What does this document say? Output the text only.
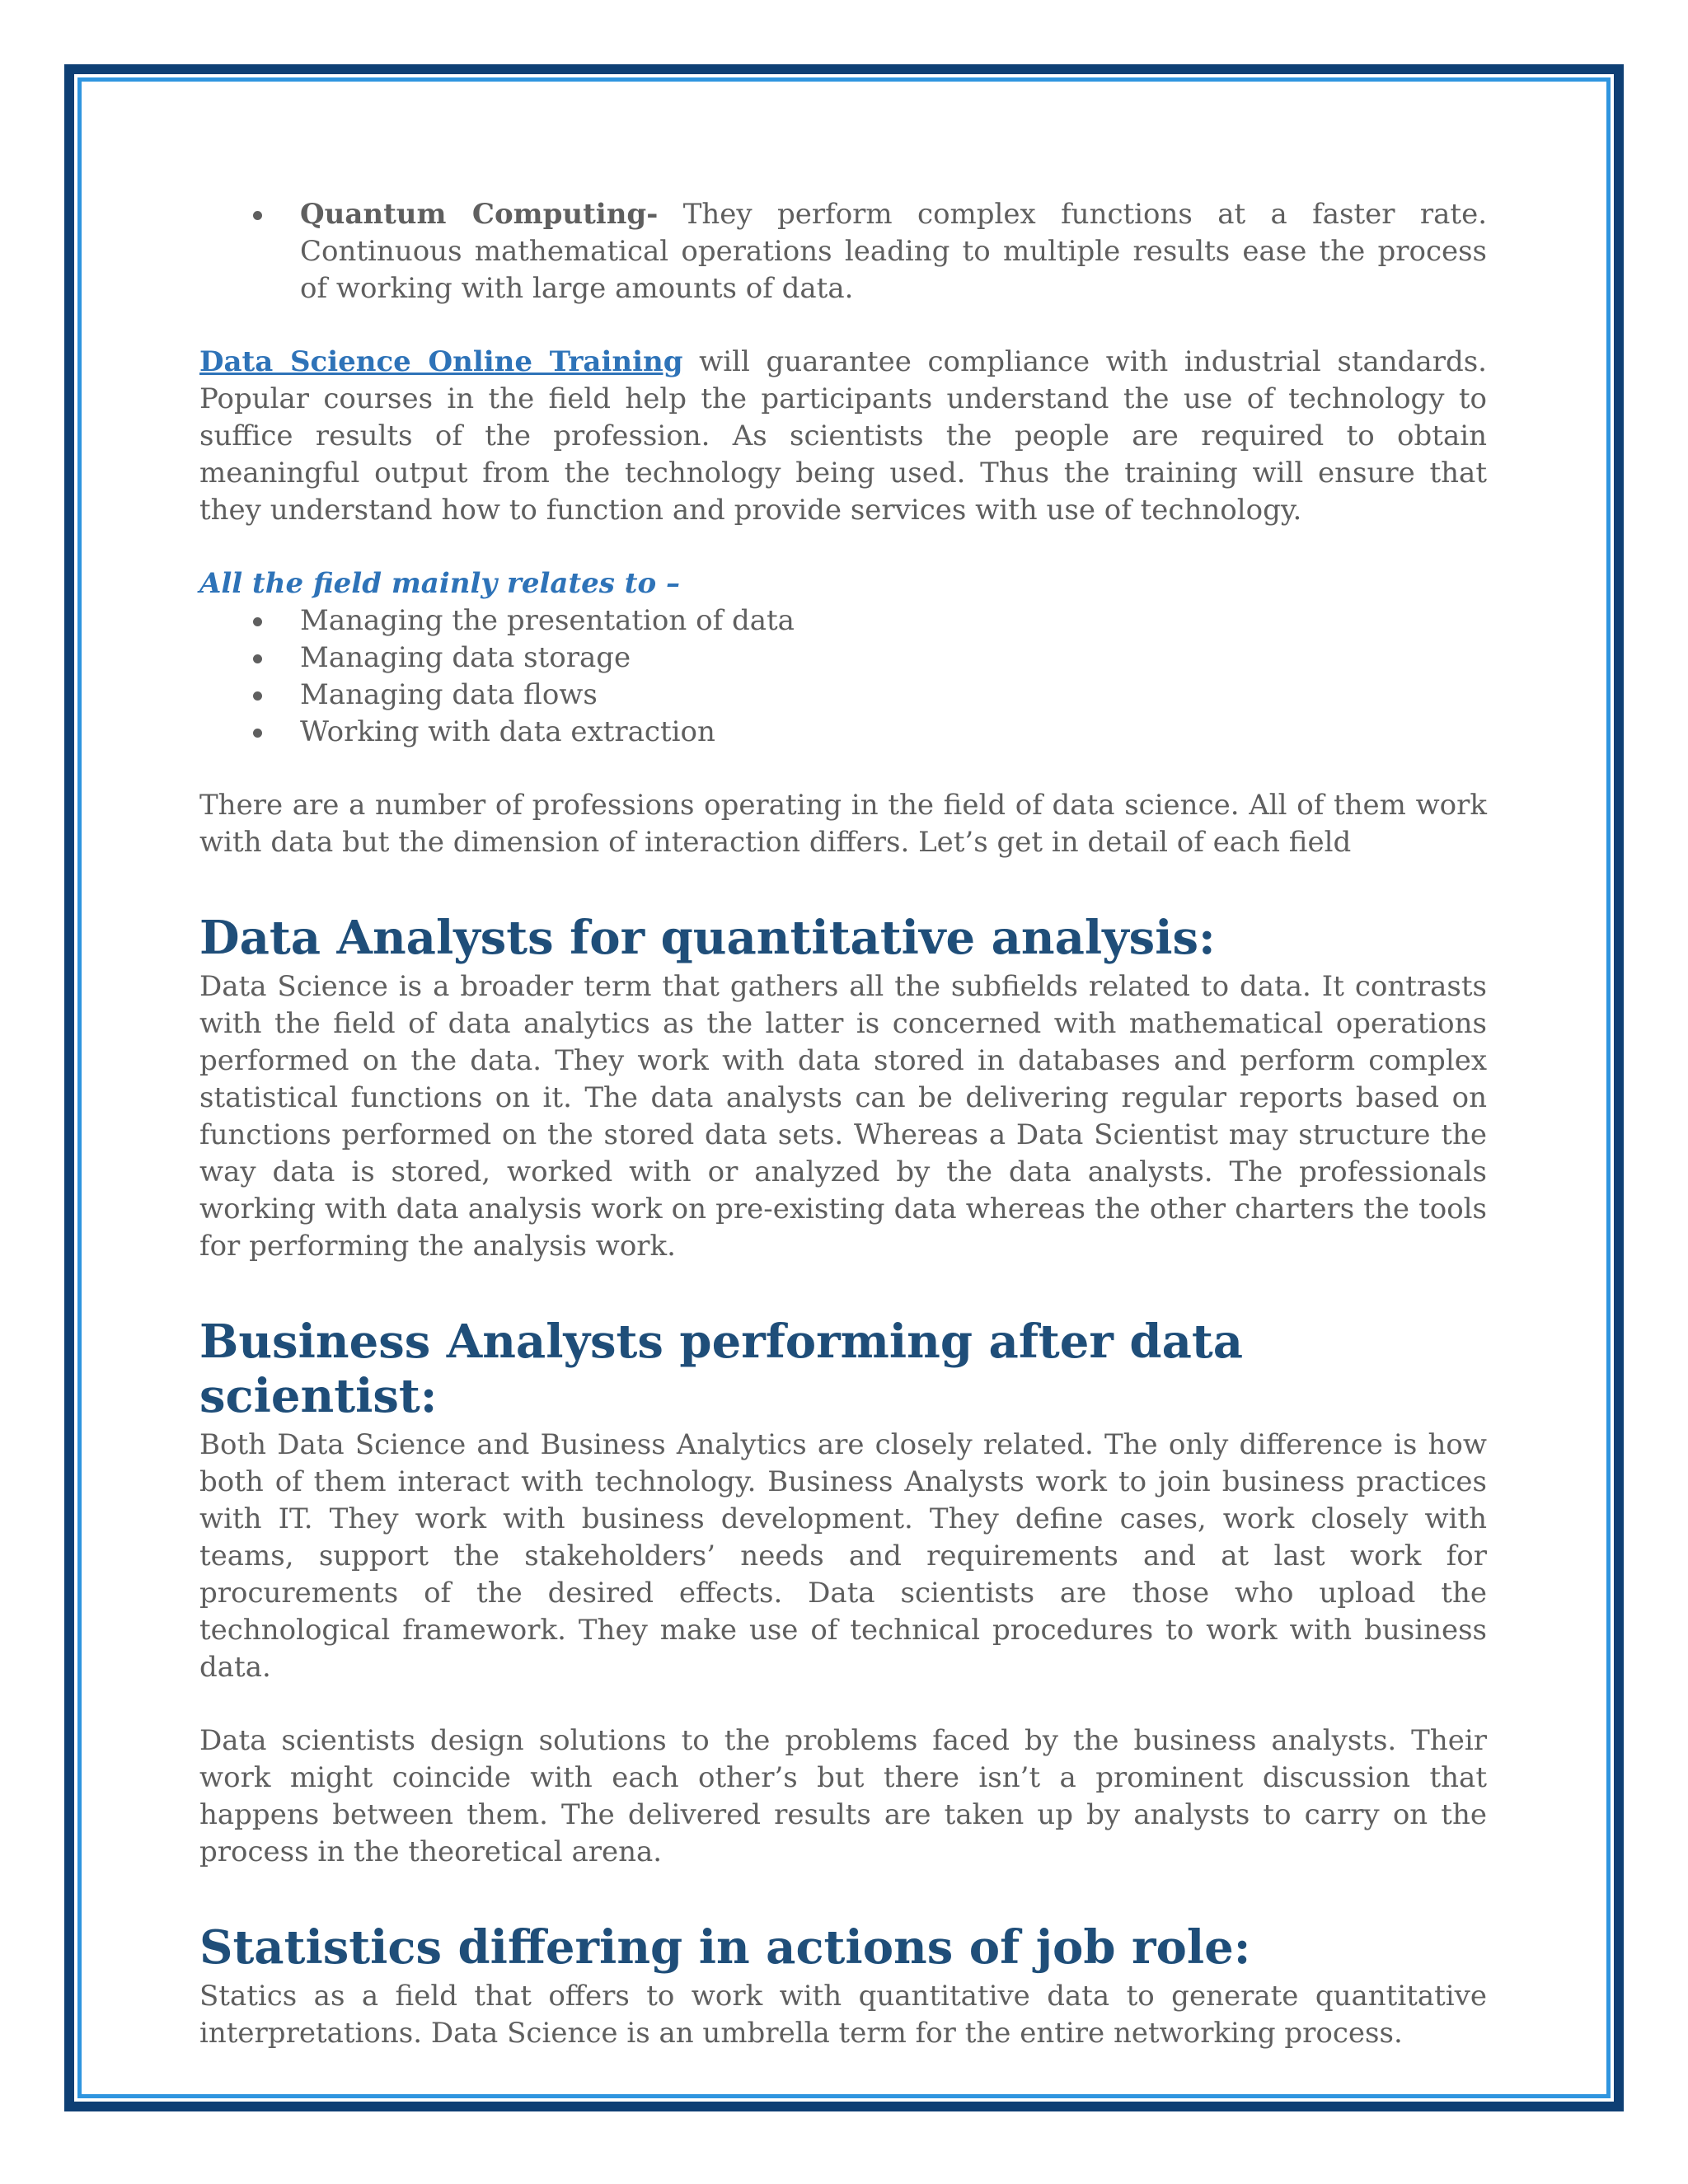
Quantum Computing- They perform complex functions at a faster rate. Continuous mathematical operations leading to multiple results ease the process of working with large amounts of data.

Data Science Online Training will guarantee compliance with industrial standards. Popular courses in the field help the participants understand the use of technology to suffice results of the profession. As scientists the people are required to obtain meaningful output from the technology being used. Thus the training will ensure that they understand how to function and provide services with use of technology.

All the field mainly relates to –
Managing the presentation of data
Managing data storage
Managing data flows
Working with data extraction

There are a number of professions operating in the field of data science. All of them work with data but the dimension of interaction differs. Let’s get in detail of each field

Data Analysts for quantitative analysis:

Data Science is a broader term that gathers all the subfields related to data. It contrasts with the field of data analytics as the latter is concerned with mathematical operations performed on the data. They work with data stored in databases and perform complex statistical functions on it. The data analysts can be delivering regular reports based on functions performed on the stored data sets. Whereas a Data Scientist may structure the way data is stored, worked with or analyzed by the data analysts. The professionals working with data analysis work on pre-existing data whereas the other charters the tools for performing the analysis work.

Business Analysts performing after data scientist:

Both Data Science and Business Analytics are closely related. The only difference is how both of them interact with technology. Business Analysts work to join business practices with IT. They work with business development. They define cases, work closely with teams, support the stakeholders’ needs and requirements and at last work for procurements of the desired effects. Data scientists are those who upload the technological framework. They make use of technical procedures to work with business data.

Data scientists design solutions to the problems faced by the business analysts. Their work might coincide with each other’s but there isn’t a prominent discussion that happens between them. The delivered results are taken up by analysts to carry on the process in the theoretical arena.

Statistics differing in actions of job role:

Statics as a field that offers to work with quantitative data to generate quantitative interpretations. Data Science is an umbrella term for the entire networking process.
